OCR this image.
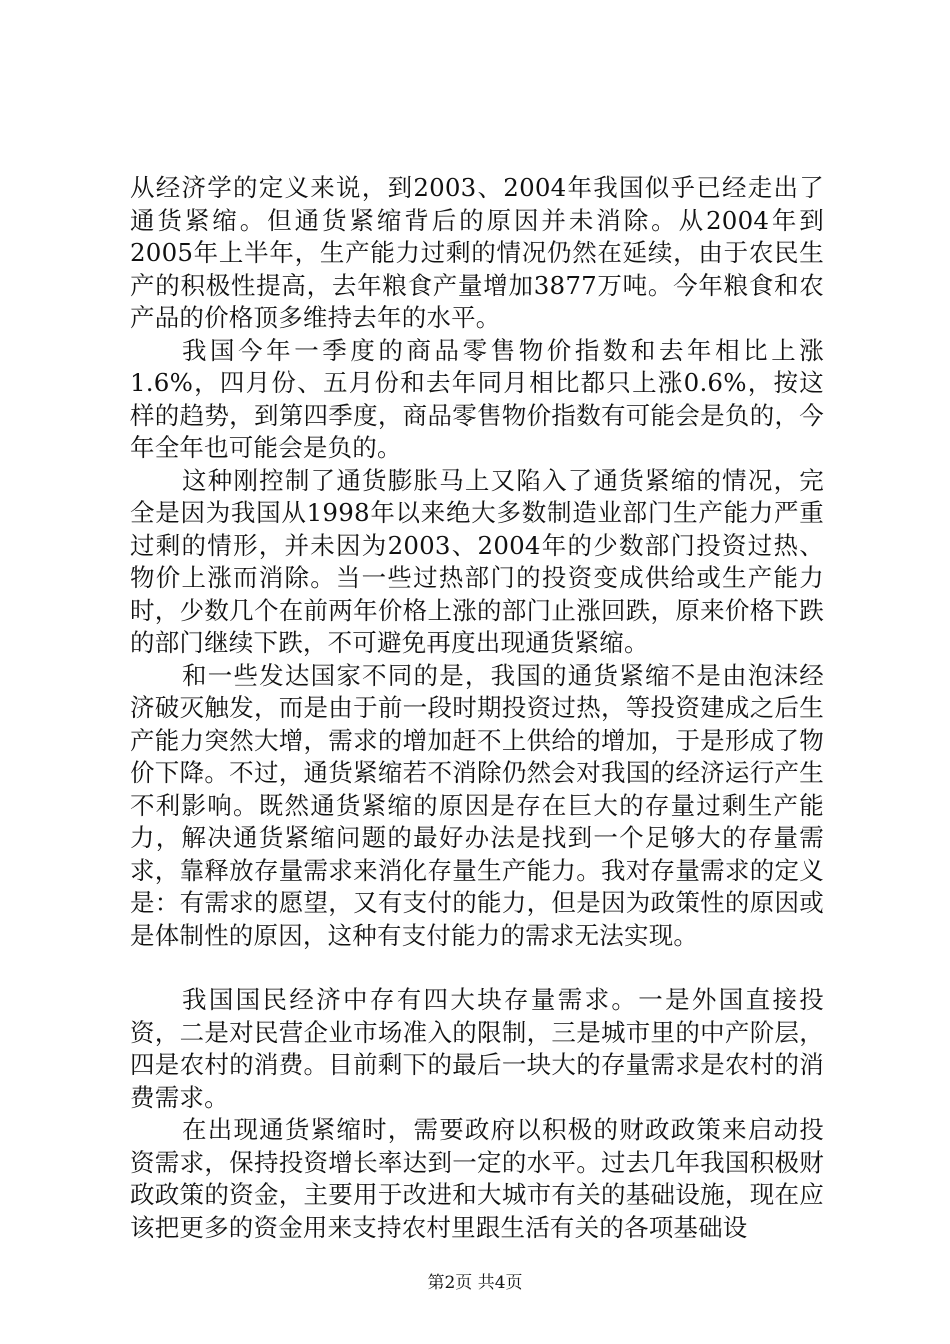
从经济学的定义来说，到2003、2004年我国似乎已经走出了通货紧缩。但通货紧缩背后的原因并未消除。从2004年到2005年上半年，生产能力过剩的情况仍然在延续，由于农民生产的积极性提高，去年粮食产量增加3877万吨。今年粮食和农产品的价格顶多维持去年的水平。

我国今年一季度的商品零售物价指数和去年相比上涨1.6%，四月份、五月份和去年同月相比都只上涨0.6%，按这样的趋势，到第四季度，商品零售物价指数有可能会是负的，今年全年也可能会是负的。

这种刚控制了通货膨胀马上又陷入了通货紧缩的情况，完全是因为我国从1998年以来绝大多数制造业部门生产能力严重过剩的情形，并未因为2003、2004年的少数部门投资过热、物价上涨而消除。当一些过热部门的投资变成供给或生产能力时，少数几个在前两年价格上涨的部门止涨回跌，原来价格下跌的部门继续下跌，不可避免再度出现通货紧缩。

和一些发达国家不同的是，我国的通货紧缩不是由泡沫经济破灭触发，而是由于前一段时期投资过热，等投资建成之后生产能力突然大增，需求的增加赶不上供给的增加，于是形成了物价下降。不过，通货紧缩若不消除仍然会对我国的经济运行产生不利影响。既然通货紧缩的原因是存在巨大的存量过剩生产能力，解决通货紧缩问题的最好办法是找到一个足够大的存量需求，靠释放存量需求来消化存量生产能力。我对存量需求的定义是：有需求的愿望，又有支付的能力，但是因为政策性的原因或是体制性的原因，这种有支付能力的需求无法实现。

我国国民经济中存有四大块存量需求。一是外国直接投资，二是对民营企业市场准入的限制，三是城市里的中产阶层，四是农村的消费。目前剩下的最后一块大的存量需求是农村的消费需求。

在出现通货紧缩时，需要政府以积极的财政政策来启动投资需求，保持投资增长率达到一定的水平。过去几年我国积极财政政策的资金，主要用于改进和大城市有关的基础设施，现在应该把更多的资金用来支持农村里跟生活有关的各项基础设

第2页 共4页
